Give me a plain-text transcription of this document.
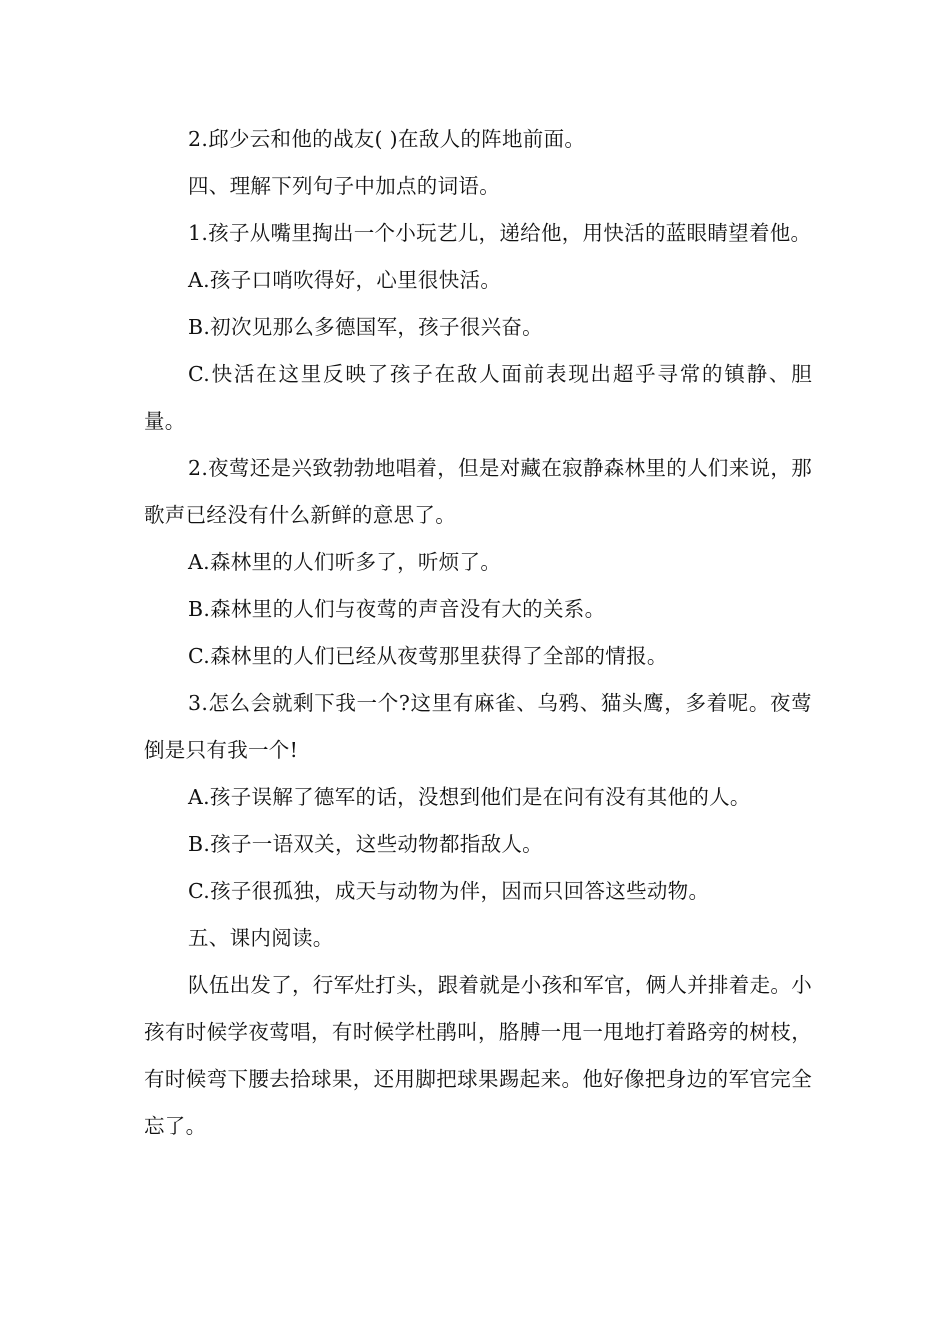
2.邱少云和他的战友( )在敌人的阵地前面。

四、理解下列句子中加点的词语。

1.孩子从嘴里掏出一个小玩艺儿，递给他，用快活的蓝眼睛望着他。

A.孩子口哨吹得好，心里很快活。

B.初次见那么多德国军，孩子很兴奋。

C.快活在这里反映了孩子在敌人面前表现出超乎寻常的镇静、胆量。

2.夜莺还是兴致勃勃地唱着，但是对藏在寂静森林里的人们来说，那歌声已经没有什么新鲜的意思了。

A.森林里的人们听多了，听烦了。

B.森林里的人们与夜莺的声音没有大的关系。

C.森林里的人们已经从夜莺那里获得了全部的情报。

3.怎么会就剩下我一个?这里有麻雀、乌鸦、猫头鹰，多着呢。夜莺倒是只有我一个!

A.孩子误解了德军的话，没想到他们是在问有没有其他的人。

B.孩子一语双关，这些动物都指敌人。

C.孩子很孤独，成天与动物为伴，因而只回答这些动物。

五、课内阅读。

队伍出发了，行军灶打头，跟着就是小孩和军官，俩人并排着走。小孩有时候学夜莺唱，有时候学杜鹃叫，胳膊一甩一甩地打着路旁的树枝，有时候弯下腰去拾球果，还用脚把球果踢起来。他好像把身边的军官完全忘了。
